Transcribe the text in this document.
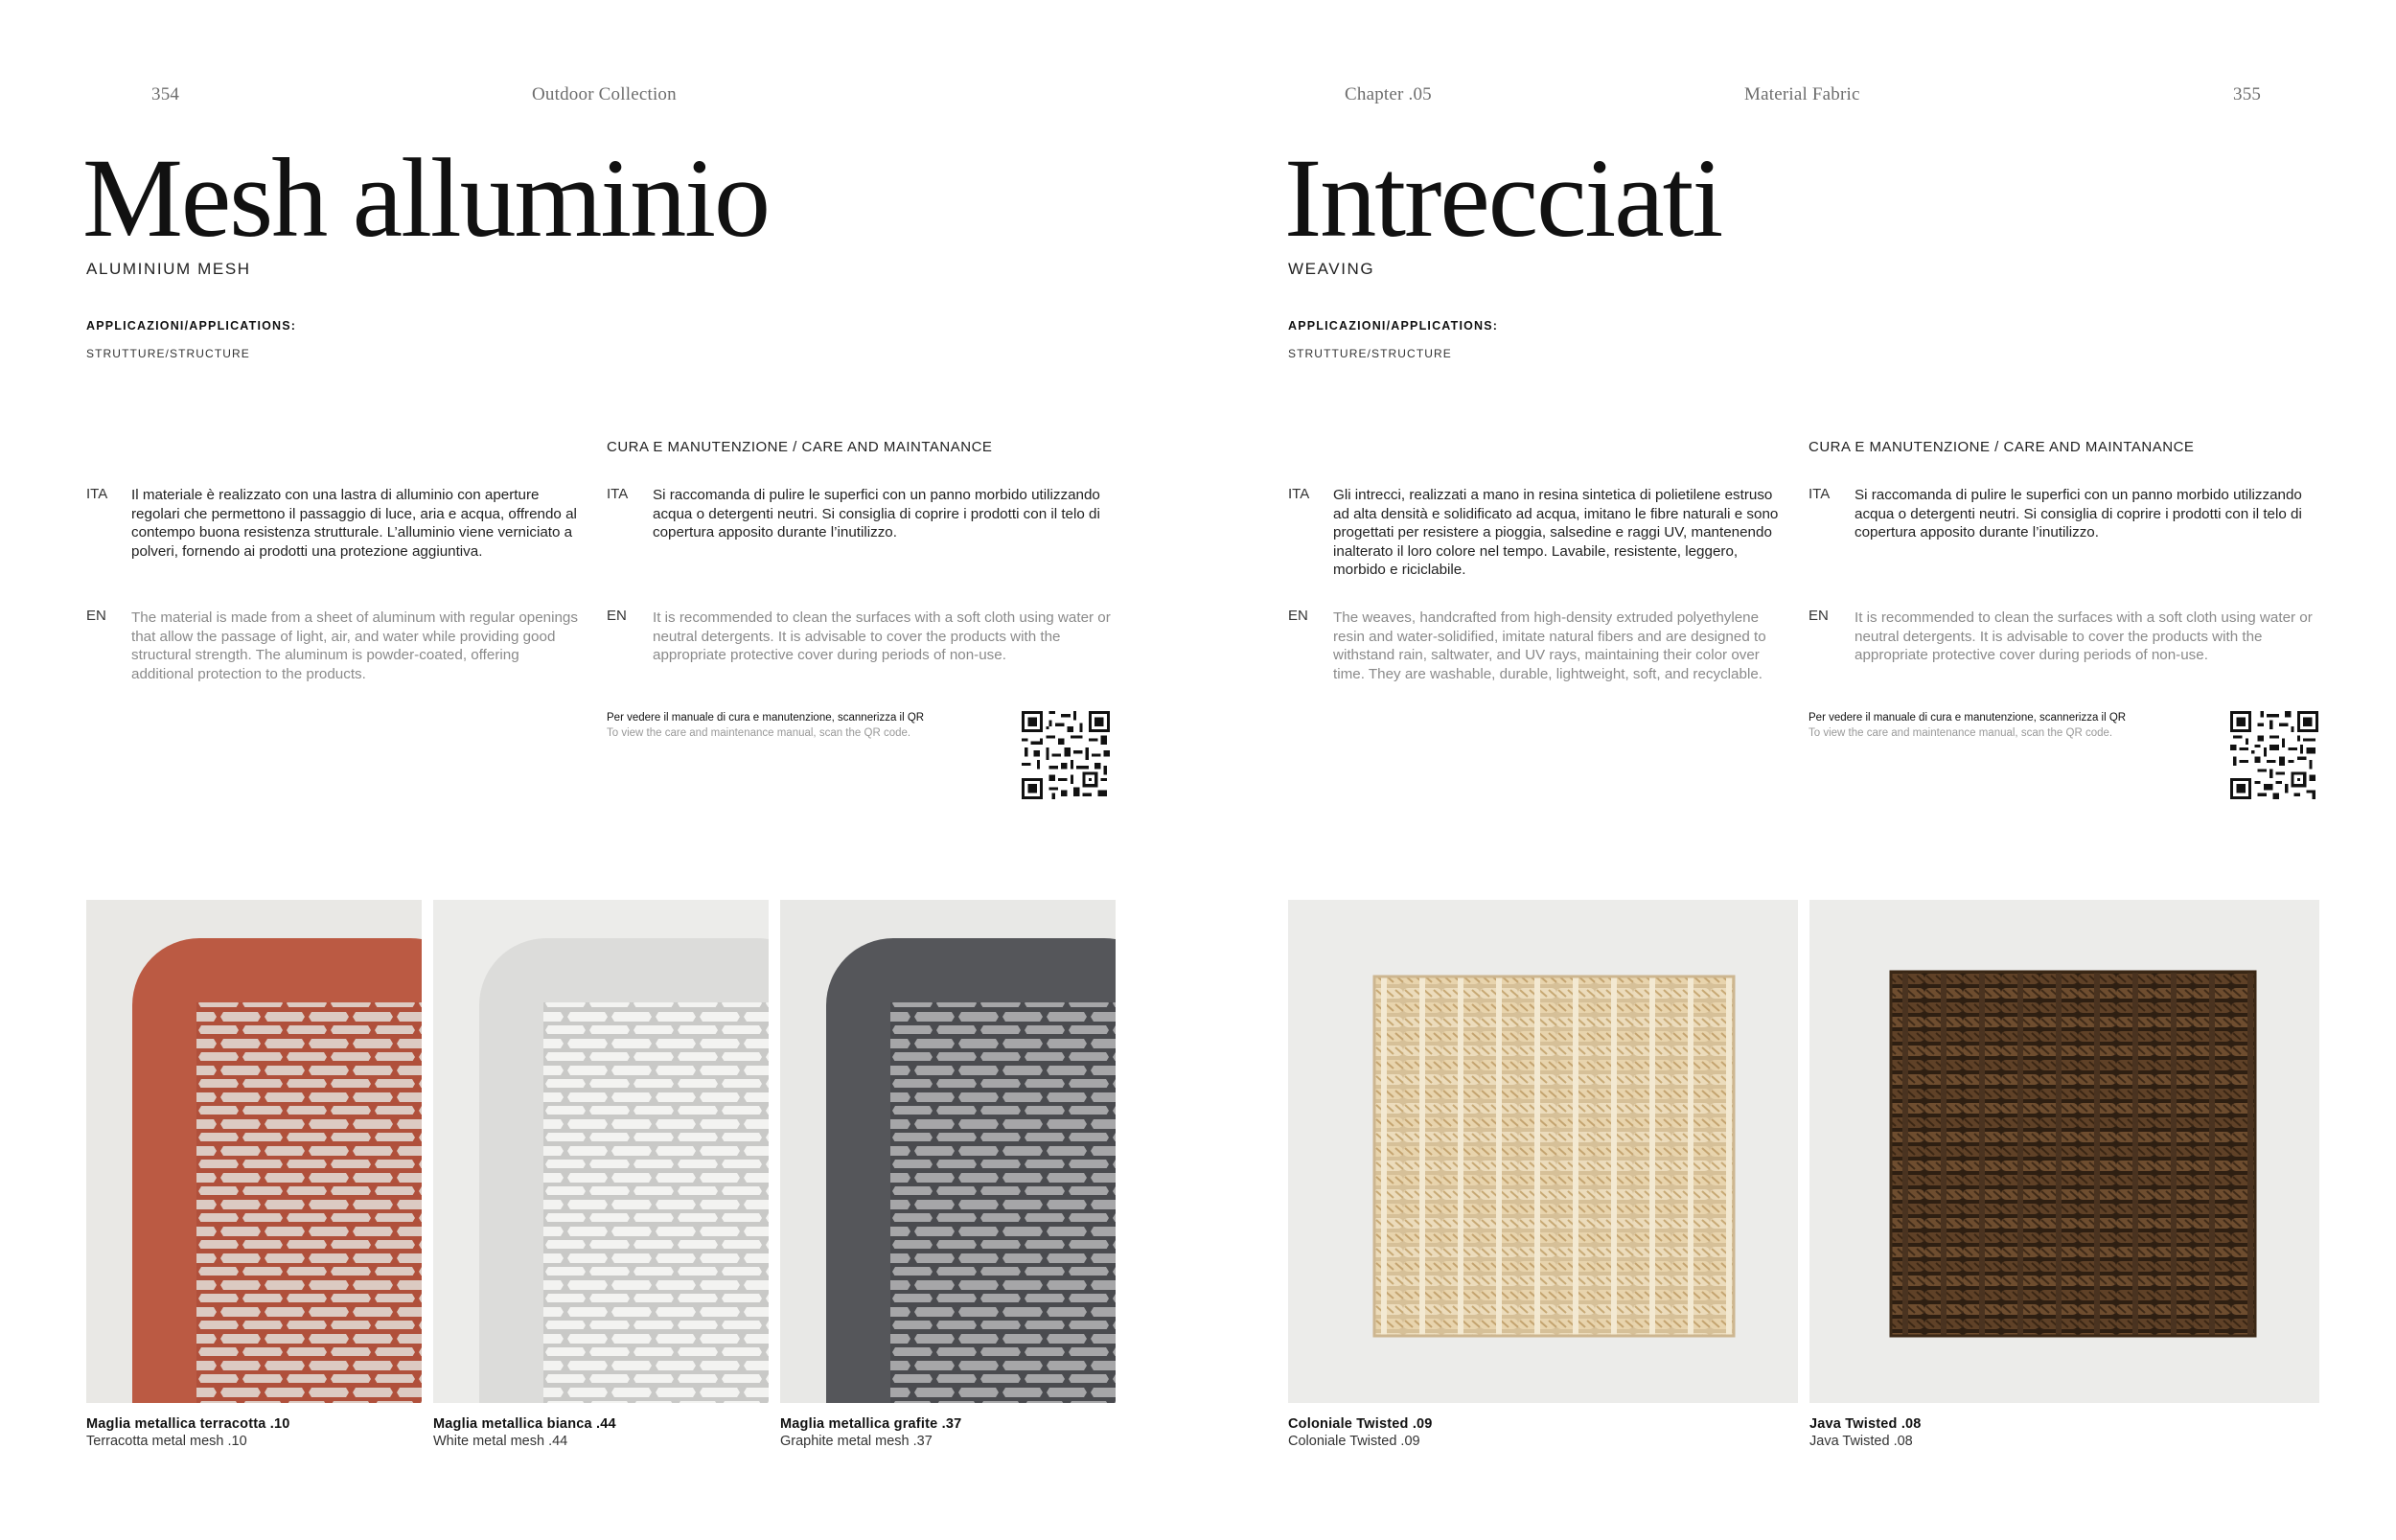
354	Outdoor Collection
Mesh alluminio
ALUMINIUM MESH
APPLICAZIONI/APPLICATIONS:
STRUTTURE/STRUCTURE
CURA E MANUTENZIONE / CARE AND MAINTANANCE
ITA Il materiale è realizzato con una lastra di alluminio con aperture regolari che permettono il passaggio di luce, aria e acqua, offrendo al contempo buona resistenza strutturale. L’alluminio viene verniciato a polveri, fornendo ai prodotti una protezione aggiuntiva.
EN The material is made from a sheet of aluminum with regular openings that allow the passage of light, air, and water while providing good structural strength. The aluminum is powder-coated, offering additional protection to the products.
ITA Si raccomanda di pulire le superfici con un panno morbido utilizzando acqua o detergenti neutri. Si consiglia di coprire i prodotti con il telo di copertura apposito durante l’inutilizzo.
EN It is recommended to clean the surfaces with a soft cloth using water or neutral detergents. It is advisable to cover the products with the appropriate protective cover during periods of non-use.
Per vedere il manuale di cura e manutenzione, scannerizza il QR
To view the care and maintenance manual, scan the QR code.
Maglia metallica terracotta .10
Terracotta metal mesh .10
Maglia metallica bianca .44
White metal mesh .44
Maglia metallica grafite .37
Graphite metal mesh .37
Chapter .05	Material Fabric	355
Intrecciati
WEAVING
APPLICAZIONI/APPLICATIONS:
STRUTTURE/STRUCTURE
CURA E MANUTENZIONE / CARE AND MAINTANANCE
ITA Gli intrecci, realizzati a mano in resina sintetica di polietilene estruso ad alta densità e solidificato ad acqua, imitano le fibre naturali e sono progettati per resistere a pioggia, salsedine e raggi UV, mantenendo inalterato il loro colore nel tempo. Lavabile, resistente, leggero, morbido e riciclabile.
EN The weaves, handcrafted from high-density extruded polyethylene resin and water-solidified, imitate natural fibers and are designed to withstand rain, saltwater, and UV rays, maintaining their color over time. They are washable, durable, lightweight, soft, and recyclable.
ITA Si raccomanda di pulire le superfici con un panno morbido utilizzando acqua o detergenti neutri. Si consiglia di coprire i prodotti con il telo di copertura apposito durante l’inutilizzo.
EN It is recommended to clean the surfaces with a soft cloth using water or neutral detergents. It is advisable to cover the products with the appropriate protective cover during periods of non-use.
Per vedere il manuale di cura e manutenzione, scannerizza il QR
To view the care and maintenance manual, scan the QR code.
Coloniale Twisted .09
Coloniale Twisted .09
Java Twisted .08
Java Twisted .08
